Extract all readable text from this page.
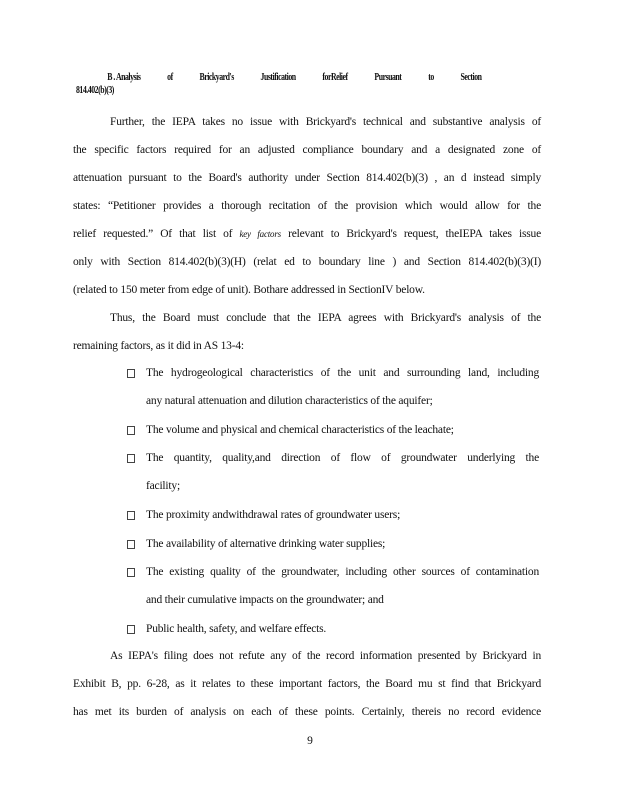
B . Analysis	of	Brickyard's	Justification	forRelief	Pursuant	to	Section
814.402(b)(3)
Further, the IEPA takes no issue with Brickyard's technical and substantive analysis of
the specific factors required for an adjusted compliance boundary and a designated zone of
attenuation pursuant to the Board's authority under Section 814.402(b)(3) , an d instead simply
states: “Petitioner provides a thorough recitation of the provision which would allow for the
relief requested.” Of that list of key factors relevant to Brickyard's request, theIEPA takes issue
only with Section 814.402(b)(3)(H) (relat ed to boundary line ) and Section 814.402(b)(3)(I)
(related to 150 meter from edge of unit). Bothare addressed in SectionIV below.
Thus, the Board must conclude that the IEPA agrees with Brickyard's analysis of the
remaining factors, as it did in AS 13-4:
The hydrogeological characteristics of the unit and surrounding land, including
any natural attenuation and dilution characteristics of the aquifer;
The volume and physical and chemical characteristics of the leachate;
The quantity, quality,and direction of flow of groundwater underlying the
facility;
The proximity andwithdrawal rates of groundwater users;
The availability of alternative drinking water supplies;
The existing quality of the groundwater, including other sources of contamination
and their cumulative impacts on the groundwater; and
Public health, safety, and welfare effects.
As IEPA's filing does not refute any of the record information presented by Brickyard in
Exhibit B, pp. 6-28, as it relates to these important factors, the Board mu st find that Brickyard
has met its burden of analysis on each of these points. Certainly, thereis no record evidence
9
